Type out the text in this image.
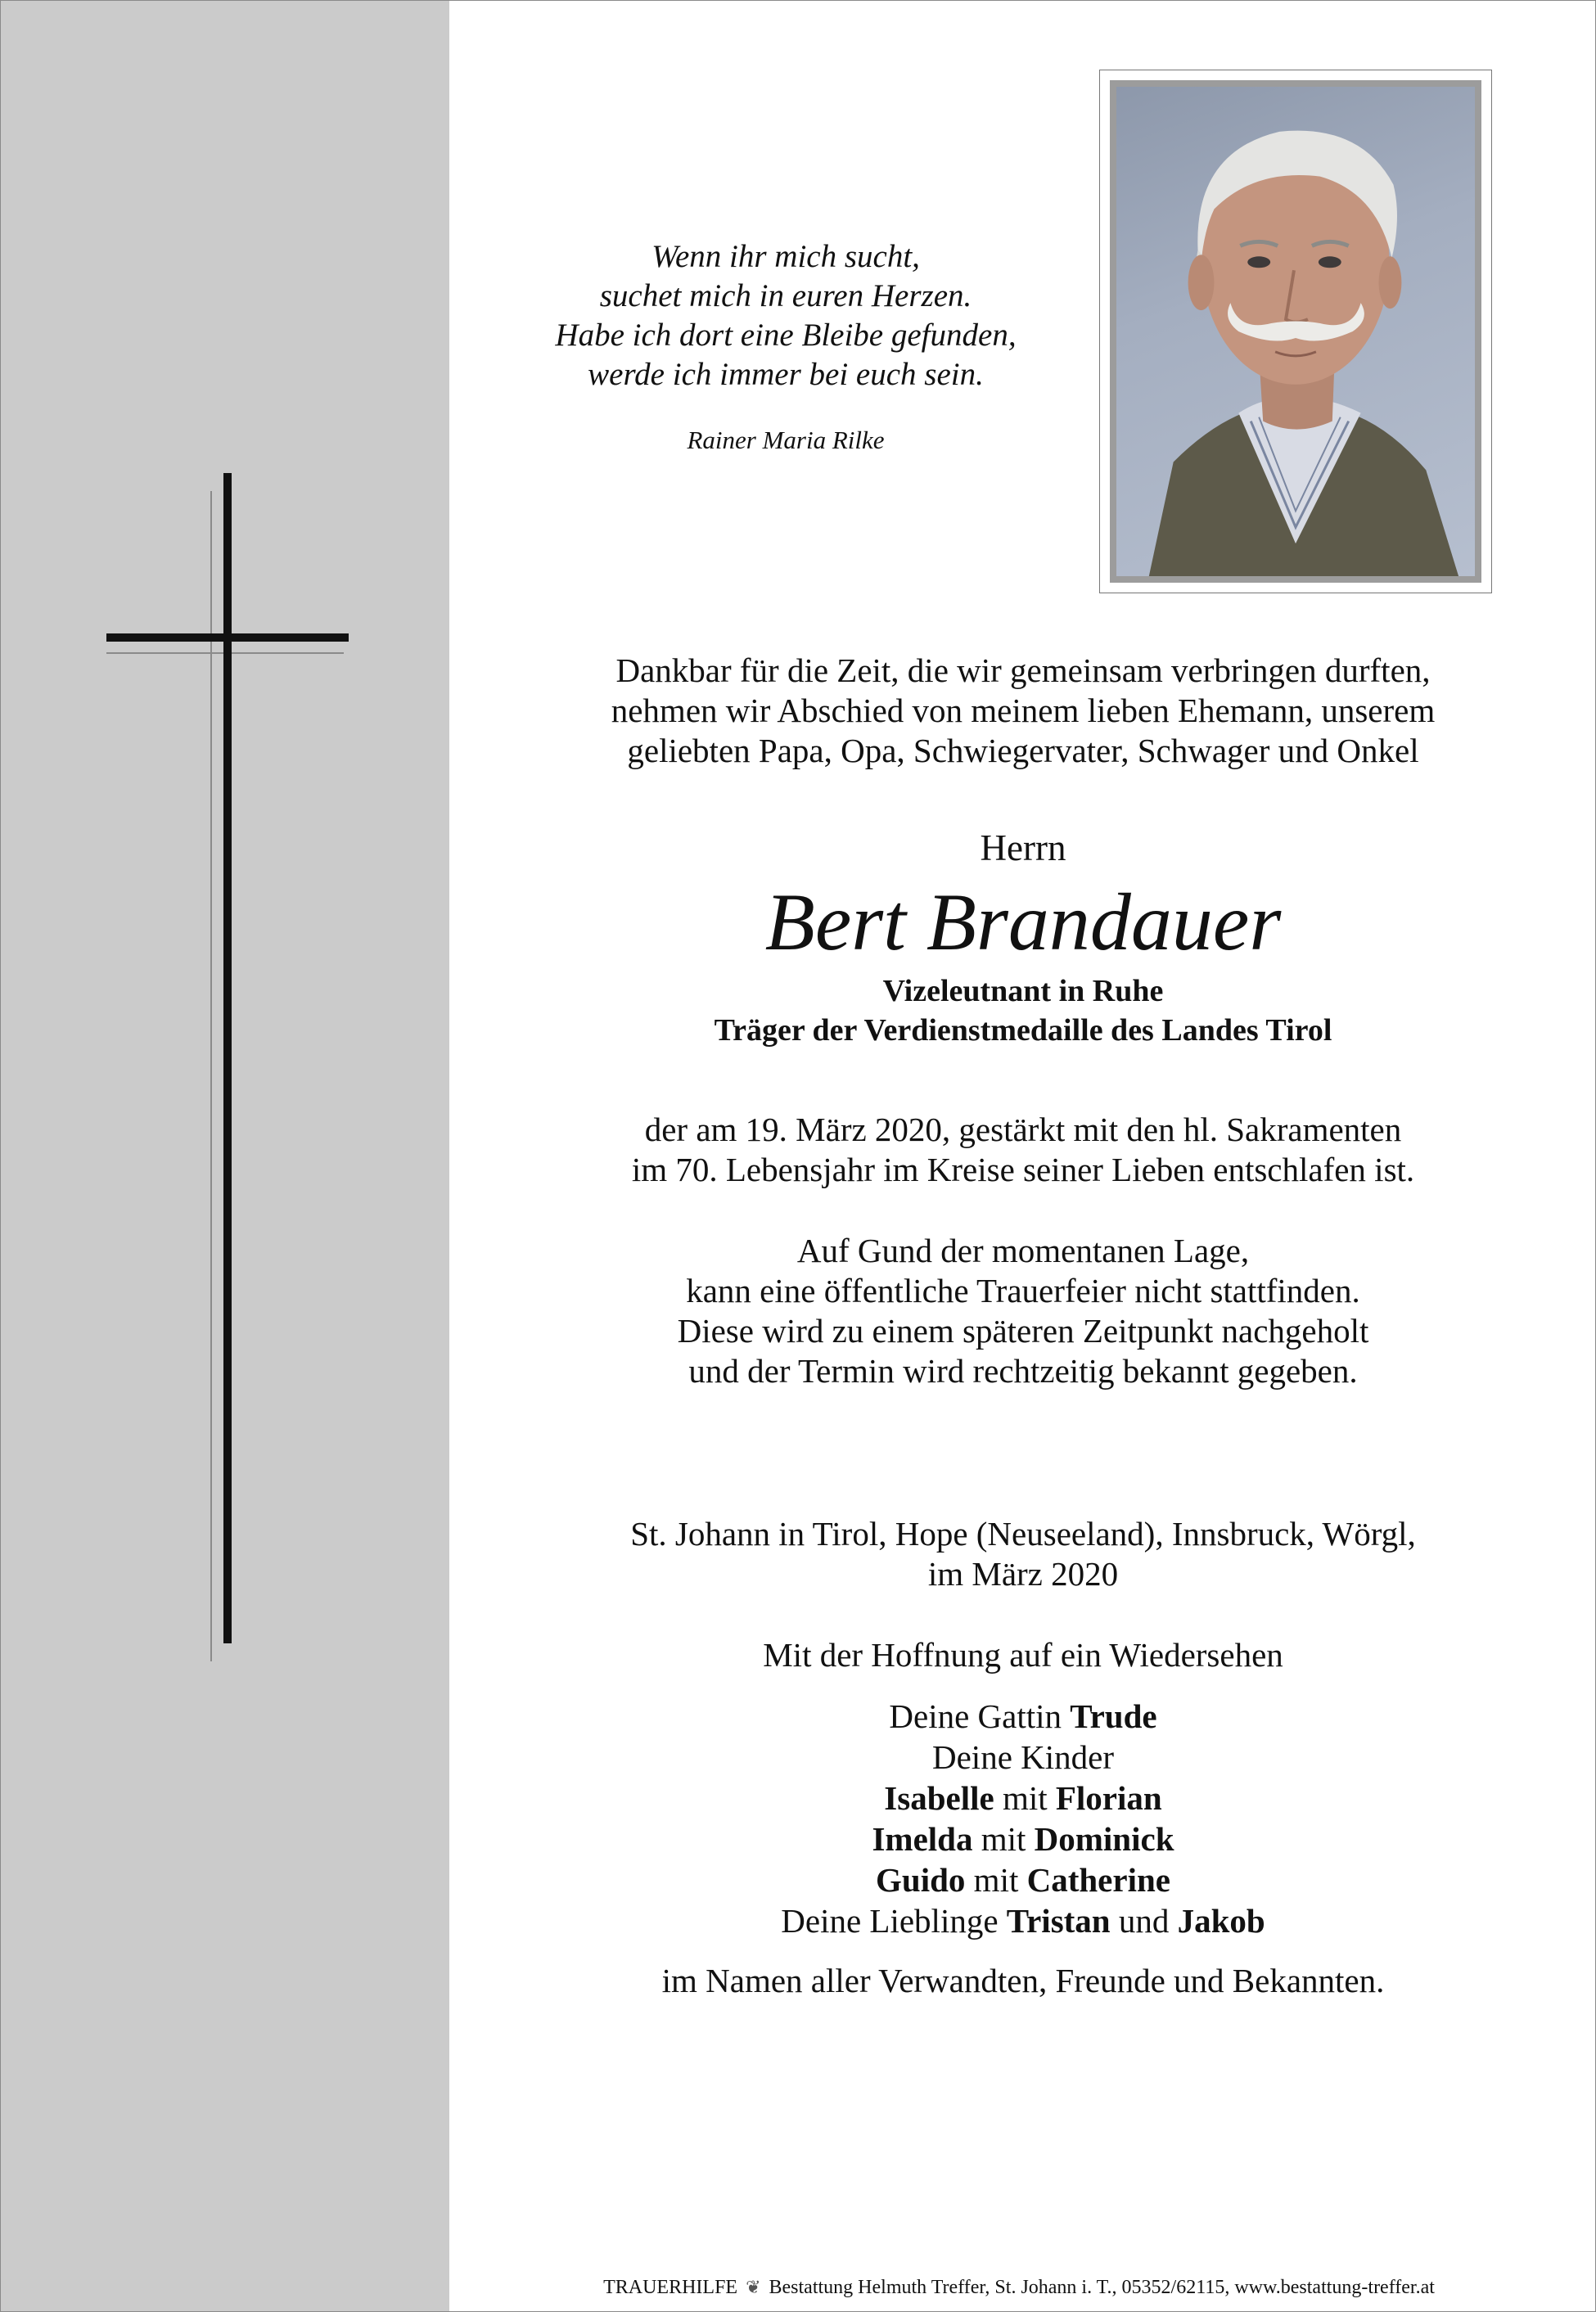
Wenn ihr mich sucht,
suchet mich in euren Herzen.
Habe ich dort eine Bleibe gefunden,
werde ich immer bei euch sein.
Rainer Maria Rilke
Dankbar für die Zeit, die wir gemeinsam verbringen durften,
nehmen wir Abschied von meinem lieben Ehemann, unserem
geliebten Papa, Opa, Schwiegervater, Schwager und Onkel
Herrn
Bert Brandauer
Vizeleutnant in Ruhe
Träger der Verdienstmedaille des Landes Tirol
der am 19. März 2020, gestärkt mit den hl. Sakramenten
im 70. Lebensjahr im Kreise seiner Lieben entschlafen ist.
Auf Gund der momentanen Lage,
kann eine öffentliche Trauerfeier nicht stattfinden.
Diese wird zu einem späteren Zeitpunkt nachgeholt
und der Termin wird rechtzeitig bekannt gegeben.
St. Johann in Tirol, Hope (Neuseeland), Innsbruck, Wörgl,
im März 2020
Mit der Hoffnung auf ein Wiedersehen
Deine Gattin Trude
Deine Kinder
Isabelle mit Florian
Imelda mit Dominick
Guido mit Catherine
Deine Lieblinge Tristan und Jakob
im Namen aller Verwandten, Freunde und Bekannten.
TRAUERHILFE ❦ Bestattung Helmuth Treffer, St. Johann i. T., 05352/62115, www.bestattung-treffer.at
